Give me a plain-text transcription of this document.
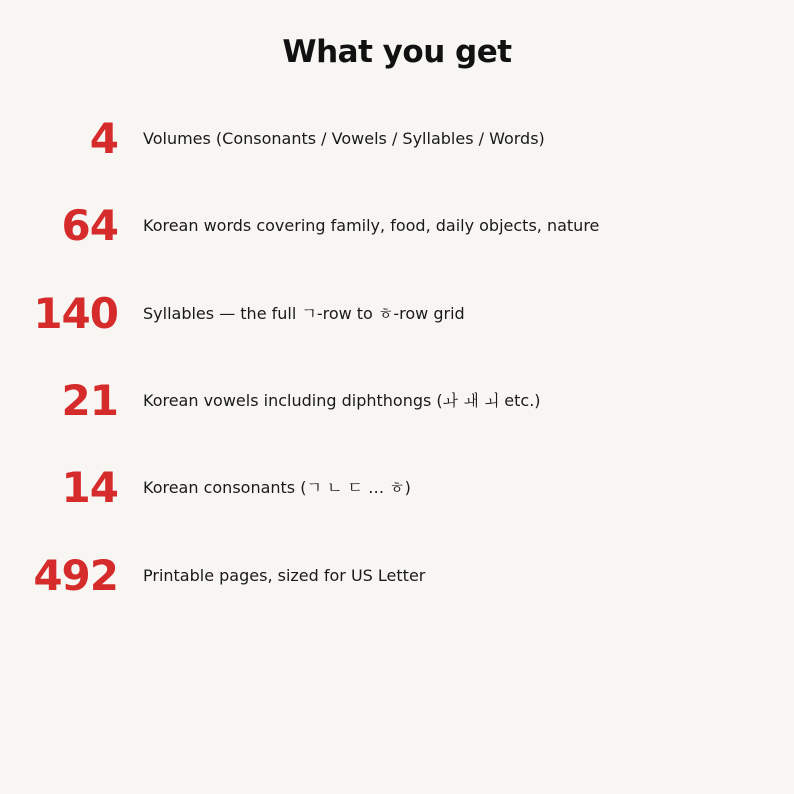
What you get
4 Volumes (Consonants / Vowels / Syllables / Words)
64 Korean words covering family, food, daily objects, nature
140 Syllables — the full ㄱ-row to ㅎ-row grid
21 Korean vowels including diphthongs (ㅘ ㅙ ㅚ etc.)
14 Korean consonants (ㄱ ㄴ ㄷ … ㅎ)
492 Printable pages, sized for US Letter
